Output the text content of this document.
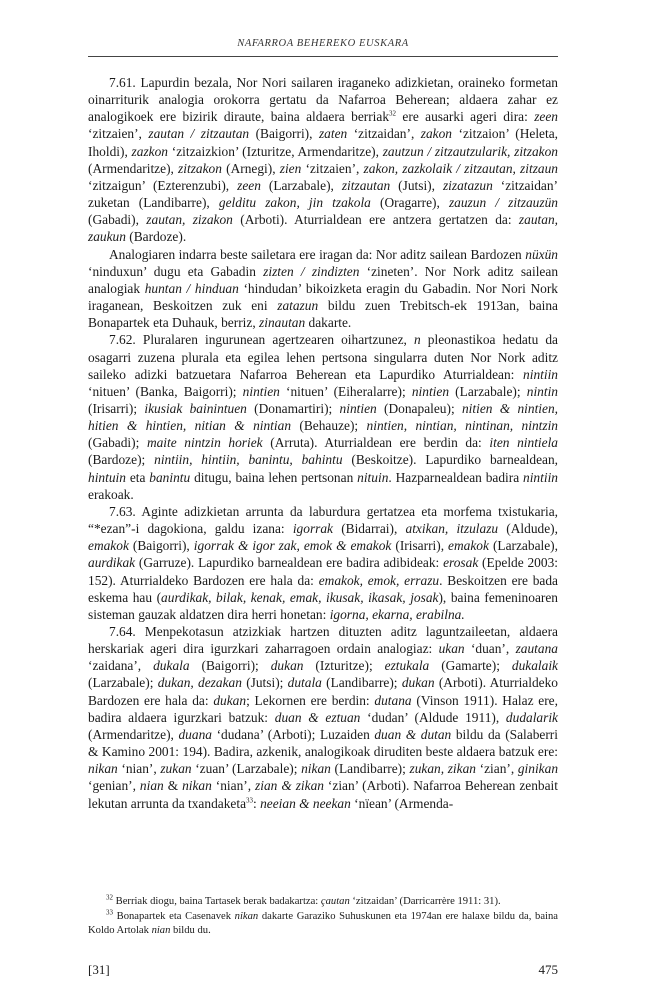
NAFARROA BEHEREKO EUSKARA

7.61. Lapurdin bezala, Nor Nori sailaren iraganeko adizkietan, oraineko formetan oinarriturik analogia orokorra gertatu da Nafarroa Beherean; aldaera zahar ez analogikoek ere bizirik diraute, baina aldaera berriak$^{32}$ ere ausarki ageri dira: zeen ‘zitzaien’, zautan / zitzautan (Baigorri), zaten ‘zitzaidan’, zakon ‘zitzaion’ (Heleta, Iholdi), zazkon ‘zitzaizkion’ (Izturitze, Armendaritze), zautzun / zitzautzularik, zitzakon (Armendaritze), zitzakon (Arnegi), zien ‘zitzaien’, zakon, zazkolaik / zitzautan, zitzaun ‘zitzaigun’ (Ezterenzubi), zeen (Larzabale), zitzautan (Jutsi), zizatazun ‘zitzaidan’ zuketan (Landibarre), gelditu zakon, jin tzakola (Oragarre), zauzun / zitzauzün (Gabadi), zautan, zizakon (Arboti). Aturrialdean ere antzera gertatzen da: zautan, zaukun (Bardoze).

Analogiaren indarra beste sailetara ere iragan da: Nor aditz sailean Bardozen nüxün ‘ninduxun’ dugu eta Gabadin zizten / zindizten ‘zineten’. Nor Nork aditz sailean analogiak huntan / hinduan ‘hindudan’ bikoizketa eragin du Gabadin. Nor Nori Nork iraganean, Beskoitzen zuk eni zatazun bildu zuen Trebitsch-ek 1913an, baina Bonapartek eta Duhauk, berriz, zinautan dakarte.

7.62. Pluralaren ingurunean agertzearen oihartzunez, n pleonastikoa hedatu da osagarri zuzena plurala eta egilea lehen pertsona singularra duten Nor Nork aditz saileko adizki batzuetara Nafarroa Beherean eta Lapurdiko Aturrialdean: nintiin ‘nituen’ (Banka, Baigorri); nintien ‘nituen’ (Eiheralarre); nintien (Larzabale); nintin (Irisarri); ikusiak bainintuen (Donamartiri); nintien (Donapaleu); nitien & nintien, hitien & hintien, nitian & nintian (Behauze); nintien, nintian, nintinan, nintzin (Gabadi); maite nintzin horiek (Arruta). Aturrialdean ere berdin da: iten nintiela (Bardoze); nintiin, hintiin, banintu, bahintu (Beskoitze). Lapurdiko barnealdean, hintuin eta banintu ditugu, baina lehen pertsonan nituin. Hazparnealdean badira nintiin erakoak.

7.63. Aginte adizkietan arrunta da laburdura gertatzea eta morfema txistukaria, “*ezan”-i dagokiona, galdu izana: igorrak (Bidarrai), atxikan, itzulazu (Aldude), emakok (Baigorri), igorrak & igor zak, emok & emakok (Irisarri), emakok (Larzabale), aurdikak (Garruze). Lapurdiko barnealdean ere badira adibideak: erosak (Epelde 2003: 152). Aturrialdeko Bardozen ere hala da: emakok, emok, errazu. Beskoitzen ere bada eskema hau (aurdikak, bilak, kenak, emak, ikusak, ikasak, josak), baina femeninoaren sisteman gauzak aldatzen dira herri honetan: igorna, ekarna, erabilna.

7.64. Menpekotasun atzizkiak hartzen dituzten aditz laguntzaileetan, aldaera herskariak ageri dira igurzkari zaharragoen ordain analogiaz: ukan ‘duan’, zautana ‘zaidana’, dukala (Baigorri); dukan (Izturitze); eztukala (Gamarte); dukalaik (Larzabale); dukan, dezakan (Jutsi); dutala (Landibarre); dukan (Arboti). Aturrialdeko Bardozen ere hala da: dukan; Lekornen ere berdin: dutana (Vinson 1911). Halaz ere, badira aldaera igurzkari batzuk: duan & eztuan ‘dudan’ (Aldude 1911), dudalarik (Armendaritze), duana ‘dudana’ (Arboti); Luzaiden duan & dutan bildu da (Salaberri & Kamino 2001: 194). Badira, azkenik, analogikoak diruditen beste aldaera batzuk ere: nikan ‘nian’, zukan ‘zuan’ (Larzabale); nikan (Landibarre); zukan, zikan ‘zian’, ginikan ‘genian’, nian & nikan ‘nian’, zian & zikan ‘zian’ (Arboti). Nafarroa Beherean zenbait lekutan arrunta da txandaketa$^{33}$: neeian & neekan ‘nïean’ (Armenda-

$^{32}$ Berriak diogu, baina Tartasek berak badakartza: çautan ‘zitzaidan’ (Darricarrère 1911: 31).

$^{33}$ Bonapartek eta Casenavek nikan dakarte Garaziko Suhuskunen eta 1974an ere halaxe bildu da, baina Koldo Artolak nian bildu du.

[31]	475
